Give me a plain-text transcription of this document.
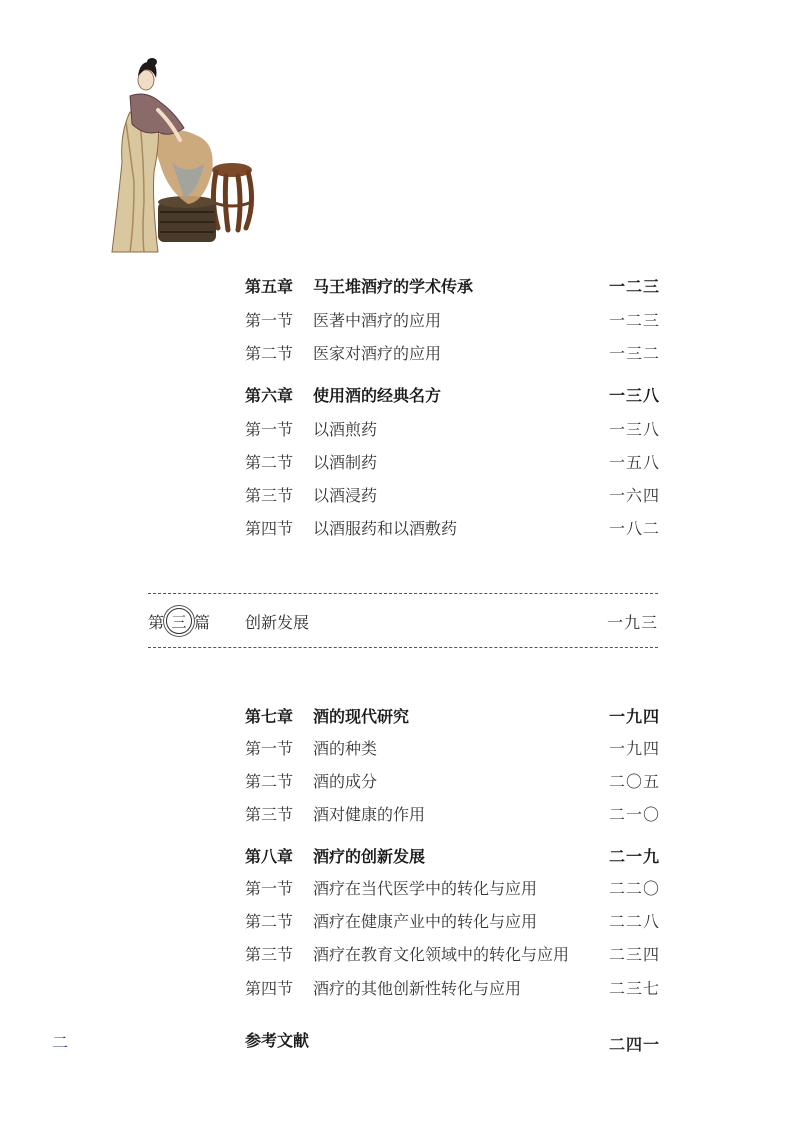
第五章	马王堆酒疗的学术传承	一二三
第一节	医著中酒疗的应用	一二三
第二节	医家对酒疗的应用	一三二
第六章	使用酒的经典名方	一三八
第一节	以酒煎药	一三八
第二节	以酒制药	一五八
第三节	以酒浸药	一六四
第四节	以酒服药和以酒敷药	一八二
第 三 篇 创新发展	一九三
第七章	酒的现代研究	一九四
第一节	酒的种类	一九四
第二节	酒的成分	二〇五
第三节	酒对健康的作用	二一〇
第八章	酒疗的创新发展	二一九
第一节	酒疗在当代医学中的转化与应用	二二〇
第二节	酒疗在健康产业中的转化与应用	二二八
第三节	酒疗在教育文化领域中的转化与应用	二三四
第四节	酒疗的其他创新性转化与应用	二三七
参考文献	二四一
二
